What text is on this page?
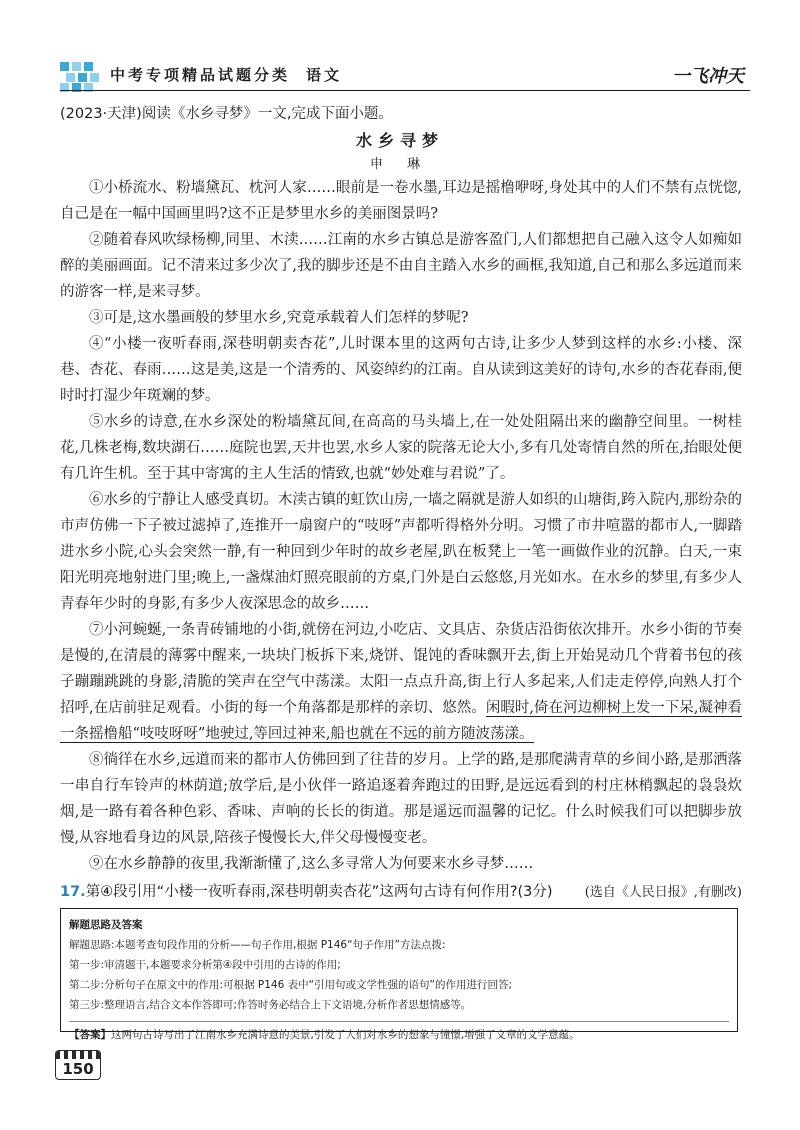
中考专项精品试题分类 语文	一飞冲天
(2023·天津)阅读《水乡寻梦》一文,完成下面小题。
水乡寻梦
申 琳

①小桥流水、粉墙黛瓦、枕河人家……眼前是一卷水墨,耳边是摇橹咿呀,身处其中的人们不禁有点恍惚,自己是在一幅中国画里吗?这不正是梦里水乡的美丽图景吗?

②随着春风吹绿杨柳,同里、木渎……江南的水乡古镇总是游客盈门,人们都想把自己融入这令人如痴如醉的美丽画面。记不清来过多少次了,我的脚步还是不由自主踏入水乡的画框,我知道,自己和那么多远道而来的游客一样,是来寻梦。

③可是,这水墨画般的梦里水乡,究竟承载着人们怎样的梦呢?

④“小楼一夜听春雨,深巷明朝卖杏花”,儿时课本里的这两句古诗,让多少人梦到这样的水乡:小楼、深巷、杏花、春雨……这是美,这是一个清秀的、风姿绰约的江南。自从读到这美好的诗句,水乡的杏花春雨,便时时打湿少年斑斓的梦。

⑤水乡的诗意,在水乡深处的粉墙黛瓦间,在高高的马头墙上,在一处处阻隔出来的幽静空间里。一树桂花,几株老梅,数块湖石……庭院也罢,天井也罢,水乡人家的院落无论大小,多有几处寄情自然的所在,抬眼处便有几许生机。至于其中寄寓的主人生活的情致,也就“妙处难与君说”了。

⑥水乡的宁静让人感受真切。木渎古镇的虹饮山房,一墙之隔就是游人如织的山塘街,跨入院内,那纷杂的市声仿佛一下子被过滤掉了,连推开一扇窗户的“吱呀”声都听得格外分明。习惯了市井喧嚣的都市人,一脚踏进水乡小院,心头会突然一静,有一种回到少年时的故乡老屋,趴在板凳上一笔一画做作业的沉静。白天,一束阳光明亮地射进门里;晚上,一盏煤油灯照亮眼前的方桌,门外是白云悠悠,月光如水。在水乡的梦里,有多少人青春年少时的身影,有多少人夜深思念的故乡……

⑦小河蜿蜒,一条青砖铺地的小街,就傍在河边,小吃店、文具店、杂货店沿街依次排开。水乡小街的节奏是慢的,在清晨的薄雾中醒来,一块块门板拆下来,烧饼、馄饨的香味飘开去,街上开始晃动几个背着书包的孩子蹦蹦跳跳的身影,清脆的笑声在空气中荡漾。太阳一点点升高,街上行人多起来,人们走走停停,向熟人打个招呼,在店前驻足观看。小街的每一个角落都是那样的亲切、悠然。闲暇时,倚在河边柳树上发一下呆,凝神看一条摇橹船“吱吱呀呀”地驶过,等回过神来,船也就在不远的前方随波荡漾。

⑧徜徉在水乡,远道而来的都市人仿佛回到了往昔的岁月。上学的路,是那爬满青草的乡间小路,是那洒落一串自行车铃声的林荫道;放学后,是小伙伴一路追逐着奔跑过的田野,是远远看到的村庄林梢飘起的袅袅炊烟,是一路有着各种色彩、香味、声响的长长的街道。那是遥远而温馨的记忆。什么时候我们可以把脚步放慢,从容地看身边的风景,陪孩子慢慢长大,伴父母慢慢变老。

⑨在水乡静静的夜里,我渐渐懂了,这么多寻常人为何要来水乡寻梦……

(选自《人民日报》,有删改)

17.第④段引用“小楼一夜听春雨,深巷明朝卖杏花”这两句古诗有何作用?(3分)
解题思路及答案
解题思路:本题考查句段作用的分析——句子作用,根据 P146“句子作用”方法点拨:
第一步:审清题干,本题要求分析第④段中引用的古诗的作用;
第二步:分析句子在原文中的作用:可根据 P146 表中“引用句或文学性强的语句”的作用进行回答;
第三步:整理语言,结合文本作答即可;作答时务必结合上下文语境,分析作者思想情感等。
【答案】这两句古诗写出了江南水乡充满诗意的美景,引发了人们对水乡的想象与憧憬,增强了文章的文学意蕴。
150
